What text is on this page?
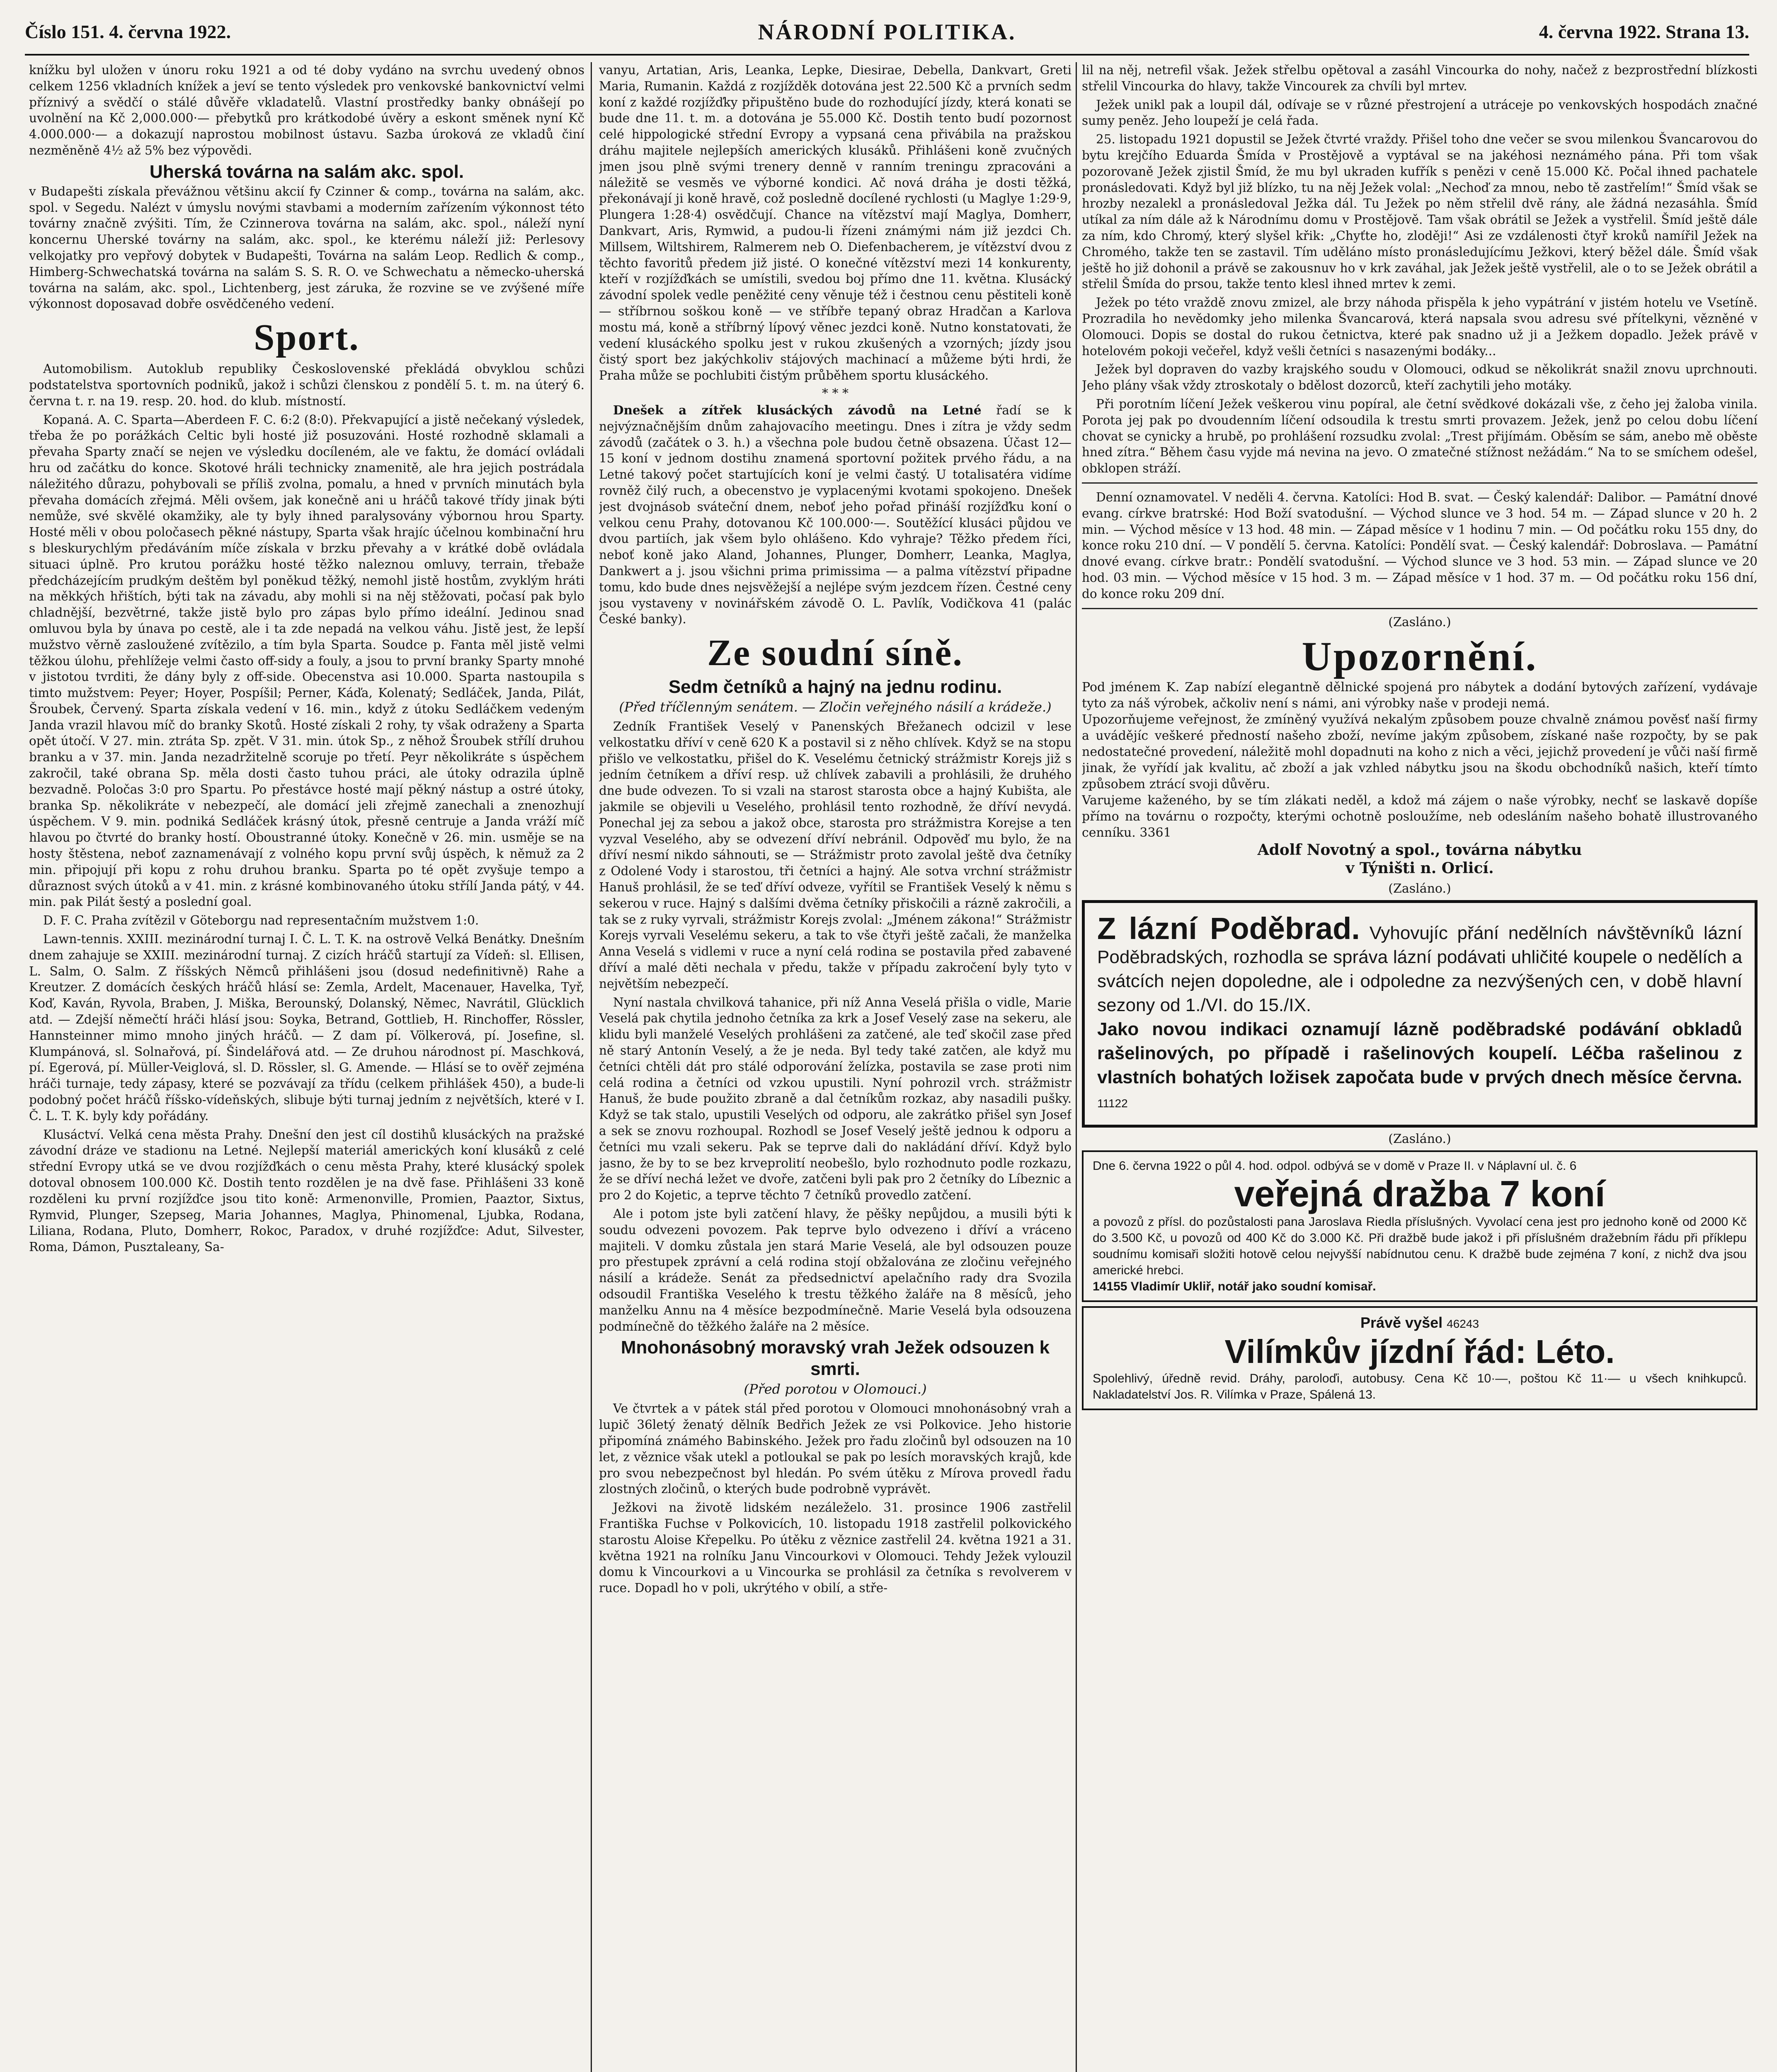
Číslo 151. 4. června 1922.	NÁRODNÍ POLITIKA.	4. června 1922. Strana 13.

knížku byl uložen v únoru roku 1921 a od té doby vydáno na svrchu uvedený obnos celkem 1256 vkladních knížek a jeví se tento výsledek pro venkovské bankovnictví velmi příznivý a svědčí o stálé důvěře vkladatelů. Vlastní prostředky banky obnášejí po uvolnění na Kč 2,000.000·— přebytků pro krátkodobé úvěry a eskont směnek nyní Kč 4.000.000·— a dokazují naprostou mobilnost ústavu. Sazba úroková ze vkladů činí nezměněně 4½ až 5% bez výpovědi.

Uherská továrna na salám akc. spol.

v Budapešti získala převážnou většinu akcií fy Czinner & comp., továrna na salám, akc. spol. v Segedu. Nalézt v úmyslu novými stavbami a moderním zařízením výkonnost této továrny značně zvýšiti. Tím, že Czinnerova továrna na salám, akc. spol., náleží nyní koncernu Uherské továrny na salám, akc. spol., ke kterému náleží již: Perlesovy velkojatky pro vepřový dobytek v Budapešti, Továrna na salám Leop. Redlich & comp., Himberg-Schwechatská továrna na salám S. S. R. O. ve Schwechatu a německo-uherská továrna na salám, akc. spol., Lichtenberg, jest záruka, že rozvine se ve zvýšené míře výkonnost doposavad dobře osvědčeného vedení.

Sport.

Automobilism. Autoklub republiky Československé překládá obvyklou schůzi podstatelstva sportovních podniků, jakož i schůzi členskou z pondělí 5. t. m. na úterý 6. června t. r. na 19. resp. 20. hod. do klub. místností.

Kopaná. A. C. Sparta—Aberdeen F. C. 6:2 (8:0). Překvapující a jistě nečekaný výsledek, třeba že po porážkách Celtic byli hosté již posuzováni. Hosté rozhodně sklamali a převaha Sparty značí se nejen ve výsledku docíleném, ale ve faktu, že domácí ovládali hru od začátku do konce. Skotové hráli technicky znamenitě, ale hra jejich postrádala náležitého důrazu, pohybovali se příliš zvolna, pomalu, a hned v prvních minutách byla převaha domácích zřejmá. Měli ovšem, jak konečně ani u hráčů takové třídy jinak býti nemůže, své skvělé okamžiky, ale ty byly ihned paralysovány výbornou hrou Sparty. Hosté měli v obou poločasech pěkné nástupy, Sparta však hrajíc účelnou kombinační hru s bleskurychlým předáváním míče získala v brzku převahy a v krátké době ovládala situaci úplně. Pro krutou porážku hosté těžko naleznou omluvy, terrain, třebaže předcházejícím prudkým deštěm byl poněkud těžký, nemohl jistě hostům, zvyklým hráti na měkkých hřištích, býti tak na závadu, aby mohli si na něj stěžovati, počasí pak bylo chladnější, bezvětrné, takže jistě bylo pro zápas bylo přímo ideální. Jedinou snad omluvou byla by únava po cestě, ale i ta zde nepadá na velkou váhu. Jistě jest, že lepší mužstvo věrně zasloužené zvítězilo, a tím byla Sparta. Soudce p. Fanta měl jistě velmi těžkou úlohu, přehlížeje velmi často off-sidy a fouly, a jsou to první branky Sparty mnohé v jistotou tvrditi, že dány byly z off-side. Obecenstva asi 10.000. Sparta nastoupila s timto mužstvem: Peyer; Hoyer, Pospíšil; Perner, Káďa, Kolenatý; Sedláček, Janda, Pilát, Šroubek, Červený. Sparta získala vedení v 16. min., když z útoku Sedláčkem vedeným Janda vrazil hlavou míč do branky Skotů. Hosté získali 2 rohy, ty však odraženy a Sparta opět útočí. V 27. min. ztráta Sp. zpět. V 31. min. útok Sp., z něhož Šroubek střílí druhou branku a v 37. min. Janda nezadržitelně scoruje po třetí. Peyr několikráte s úspěchem zakročil, také obrana Sp. měla dosti často tuhou práci, ale útoky odrazila úplně bezvadně. Poločas 3:0 pro Spartu. Po přestávce hosté mají pěkný nástup a ostré útoky, branka Sp. několikráte v nebezpečí, ale domácí jeli zřejmě zanechali a znenozhují úspěchem. V 9. min. podniká Sedláček krásný útok, přesně centruje a Janda vráží míč hlavou po čtvrté do branky hostí. Oboustranné útoky. Konečně v 26. min. usměje se na hosty štěstena, neboť zaznamenávají z volného kopu první svůj úspěch, k němuž za 2 min. připojují při kopu z rohu druhou branku. Sparta po té opět zvyšuje tempo a důraznost svých útoků a v 41. min. z krásné kombinovaného útoku střílí Janda pátý, v 44. min. pak Pilát šestý a poslední goal.

D. F. C. Praha zvítězil v Göteborgu nad representačním mužstvem 1:0.

Lawn-tennis. XXIII. mezinárodní turnaj I. Č. L. T. K. na ostrově Velká Benátky. Dnešním dnem zahajuje se XXIII. mezinárodní turnaj. Z cizích hráčů startují za Vídeň: sl. Ellisen, L. Salm, O. Salm. Z říšských Němců přihlášeni jsou (dosud nedefinitivně) Rahe a Kreutzer. Z domácích českých hráčů hlásí se: Zemla, Ardelt, Macenauer, Havelka, Tyř, Koď, Kaván, Ryvola, Braben, J. Miška, Berounský, Dolanský, Němec, Navrátil, Glücklich atd. — Zdejší němečtí hráči hlásí jsou: Soyka, Betrand, Gottlieb, H. Rinchoffer, Rössler, Hannsteinner mimo mnoho jiných hráčů. — Z dam pí. Völkerová, pí. Josefine, sl. Klumpánová, sl. Solnařová, pí. Šindelářová atd. — Ze druhou národnost pí. Maschková, pí. Egerová, pí. Müller-Veiglová, sl. D. Rössler, sl. G. Amende. — Hlásí se to ověř zejména hráči turnaje, tedy zápasy, které se pozvávají za třídu (celkem přihlášek 450), a bude-li podobný počet hráčů říšsko-vídeňských, slibuje býti turnaj jedním z největších, které v I. Č. L. T. K. byly kdy pořádány.

Klusáctví. Velká cena města Prahy. Dnešní den jest cíl dostihů klusáckých na pražské závodní dráze ve stadionu na Letné. Nejlepší materiál amerických koní klusáků z celé střední Evropy utká se ve dvou rozjížďkách o cenu města Prahy, které klusácký spolek dotoval obnosem 100.000 Kč. Dostih tento rozdělen je na dvě fase. Přihlášeni 33 koně rozděleni ku první rozjížďce jsou tito koně: Armenonville, Promien, Paaztor, Sixtus, Rymvid, Plunger, Szepseg, Maria Johannes, Maglya, Phinomenal, Ljubka, Rodana, Liliana, Rodana, Pluto, Domherr, Rokoc, Paradox, v druhé rozjížďce: Adut, Silvester, Roma, Dámon, Pusztaleany, Sa-

vanyu, Artatian, Aris, Leanka, Lepke, Diesirae, Debella, Dankvart, Greti Maria, Rumanin. Každá z rozjížděk dotována jest 22.500 Kč a prvních sedm koní z každé rozjížďky připuštěno bude do rozhodující jízdy, která konati se bude dne 11. t. m. a dotována je 55.000 Kč. Dostih tento budí pozornost celé hippologické střední Evropy a vypsaná cena přivábila na pražskou dráhu majitele nejlepších amerických klusáků. Přihlášeni koně zvučných jmen jsou plně svými trenery denně v ranním treningu zpracováni a náležitě se vesměs ve výborné kondici. Ač nová dráha je dosti těžká, překonávají ji koně hravě, což posledně docílené rychlosti (u Maglye 1:29·9, Plungera 1:28·4) osvědčují. Chance na vítězství mají Maglya, Domherr, Dankvart, Aris, Rymwid, a pudou-li řízeni známými nám již jezdci Ch. Millsem, Wiltshirem, Ralmerem neb O. Diefenbacherem, je vítězství dvou z těchto favoritů předem již jisté. O konečné vítězství mezi 14 konkurenty, kteří v rozjížďkách se umístili, svedou boj přímo dne 11. května. Klusácký závodní spolek vedle peněžité ceny věnuje též i čestnou cenu pěstiteli koně — stříbrnou soškou koně — ve stříbře tepaný obraz Hradčan a Karlova mostu má, koně a stříbrný lípový věnec jezdci koně. Nutno konstatovati, že vedení klusáckého spolku jest v rukou zkušených a vzorných; jízdy jsou čistý sport bez jakýchkoliv stájových machinací a můžeme býti hrdi, že Praha může se pochlubiti čistým průběhem sportu klusáckého.

* * *

Dnešek a zítřek klusáckých závodů na Letné řadí se k nejvýznačnějším dnům zahajovacího meetingu. Dnes i zítra je vždy sedm závodů (začátek o 3. h.) a všechna pole budou četně obsazena. Účast 12—15 koní v jednom dostihu znamená sportovní požitek prvého řádu, a na Letné takový počet startujících koní je velmi častý. U totalisatéra vidíme rovněž čilý ruch, a obecenstvo je vyplacenými kvotami spokojeno. Dnešek jest dvojnásob sváteční dnem, neboť jeho pořad přináší rozjížďku koní o velkou cenu Prahy, dotovanou Kč 100.000·—. Soutěžící klusáci půjdou ve dvou partiích, jak všem bylo ohlášeno. Kdo vyhraje? Těžko předem říci, neboť koně jako Aland, Johannes, Plunger, Domherr, Leanka, Maglya, Dankwert a j. jsou všichni prima primissima — a palma vítězství připadne tomu, kdo bude dnes nejsvěžejší a nejlépe svým jezdcem řízen. Čestné ceny jsou vystaveny v novinářském závodě O. L. Pavlík, Vodičkova 41 (palác České banky).

Ze soudní síně.
Sedm četníků a hajný na jednu rodinu.
(Před tříčlenným senátem. — Zločin veřejného násilí a krádeže.)

Zedník František Veselý v Panenských Břežanech odcizil v lese velkostatku dříví v ceně 620 K a postavil si z něho chlívek. Když se na stopu přišlo ve velkostatku, přišel do K. Veselému četnický strážmistr Korejs již s jedním četníkem a dříví resp. už chlívek zabavili a prohlásili, že druhého dne bude odvezen. To si vzali na starost starosta obce a hajný Kubišta, ale jakmile se objevili u Veselého, prohlásil tento rozhodně, že dříví nevydá. Ponechal jej za sebou a jakož obce, starosta pro strážmistra Korejse a ten vyzval Veselého, aby se odvezení dříví nebránil. Odpověď mu bylo, že na dříví nesmí nikdo sáhnouti, se — Strážmistr proto zavolal ještě dva četníky z Odolené Vody i starostou, tři četníci a hajný. Ale sotva vrchní strážmistr Hanuš prohlásil, že se teď dříví odveze, vyřítil se František Veselý k němu s sekerou v ruce. Hajný s dalšími dvěma četníky přiskočili a rázně zakročili, a tak se z ruky vyrvali, strážmistr Korejs zvolal: „Jménem zákona!“ Strážmistr Korejs vyrvali Veselému sekeru, a tak to vše čtyři ještě začali, že manželka Anna Veselá s vidlemi v ruce a nyní celá rodina se postavila před zabavené dříví a malé děti nechala v předu, takže v případu zakročení byly tyto v největším nebezpečí.

Nyní nastala chvilková tahanice, při níž Anna Veselá přišla o vidle, Marie Veselá pak chytila jednoho četníka za krk a Josef Veselý zase na sekeru, ale klidu byli manželé Veselých prohlášeni za zatčené, ale teď skočil zase před ně starý Antonín Veselý, a že je neda. Byl tedy také zatčen, ale když mu četníci chtěli dát pro stálé odporování želízka, postavila se zase proti nim celá rodina a četníci od vzkou upustili. Nyní pohrozil vrch. strážmistr Hanuš, že bude použito zbraně a dal četníkům rozkaz, aby nasadili pušky. Když se tak stalo, upustili Veselých od odporu, ale zakrátko přišel syn Josef a sek se znovu rozhoupal. Rozhodl se Josef Veselý ještě jednou k odporu a četníci mu vzali sekeru. Pak se teprve dali do nakládání dříví. Když bylo jasno, že by to se bez krveprolití neobešlo, bylo rozhodnuto podle rozkazu, že se dříví nechá ležet ve dvoře, zatčeni byli pak pro 2 četníky do Líbeznic a pro 2 do Kojetic, a teprve těchto 7 četníků provedlo zatčení.

Ale i potom jste byli zatčení hlavy, že pěšky nepůjdou, a musili býti k soudu odvezeni povozem. Pak teprve bylo odvezeno i dříví a vráceno majiteli. V domku zůstala jen stará Marie Veselá, ale byl odsouzen pouze pro přestupek zprávní a celá rodina stojí obžalována ze zločinu veřejného násilí a krádeže. Senát za předsednictví apelačního rady dra Svozila odsoudil Františka Veselého k trestu těžkého žaláře na 8 měsíců, jeho manželku Annu na 4 měsíce bezpodmínečně. Marie Veselá byla odsouzena podmínečně do těžkého žaláře na 2 měsíce.

Mnohonásobný moravský vrah Ježek odsouzen k smrti.
(Před porotou v Olomouci.)

Ve čtvrtek a v pátek stál před porotou v Olomouci mnohonásobný vrah a lupič 36letý ženatý dělník Bedřich Ježek ze vsi Polkovice. Jeho historie připomíná známého Babinského. Ježek pro řadu zločinů byl odsouzen na 10 let, z věznice však utekl a potloukal se pak po lesích moravských krajů, kde pro svou nebezpečnost byl hledán. Po svém útěku z Mírova provedl řadu zlostných zločinů, o kterých bude podrobně vyprávět.

Ježkovi na životě lidském nezáleželo. 31. prosince 1906 zastřelil Františka Fuchse v Polkovicích, 10. listopadu 1918 zastřelil polkovického starostu Aloise Křepelku. Po útěku z věznice zastřelil 24. května 1921 a 31. května 1921 na rolníku Janu Vincourkovi v Olomouci. Tehdy Ježek vylouzil domu k Vincourkovi a u Vincourka se prohlásil za četníka s revolverem v ruce. Dopadl ho v poli, ukrýtého v obilí, a stře-

lil na něj, netrefil však. Ježek střelbu opětoval a zasáhl Vincourka do nohy, načež z bezprostřední blízkosti střelil Vincourka do hlavy, takže Vincourek za chvíli byl mrtev.

Ježek unikl pak a loupil dál, odívaje se v různé přestrojení a utráceje po venkovských hospodách značné sumy peněz. Jeho loupeží je celá řada.

25. listopadu 1921 dopustil se Ježek čtvrté vraždy. Přišel toho dne večer se svou milenkou Švancarovou do bytu krejčího Eduarda Šmída v Prostějově a vyptával se na jakéhosi neznámého pána. Při tom však pozorovaně Ježek zjistil Šmíd, že mu byl ukraden kufřík s penězi v ceně 15.000 Kč. Počal ihned pachatele pronásledovati. Když byl již blízko, tu na něj Ježek volal: „Nechoď za mnou, nebo tě zastřelím!“ Šmíd však se hrozby nezalekl a pronásledoval Ježka dál. Tu Ježek po něm střelil dvě rány, ale žádná nezasáhla. Šmíd utíkal za ním dále až k Národnímu domu v Prostějově. Tam však obrátil se Ježek a vystřelil. Šmíd ještě dále za ním, kdo Chromý, který slyšel křik: „Chyťte ho, zloději!“ Asi ze vzdálenosti čtyř kroků namířil Ježek na Chromého, takže ten se zastavil. Tím uděláno místo pronásledujícímu Ježkovi, který běžel dále. Šmíd však ještě ho již dohonil a právě se zakousnuv ho v krk zaváhal, jak Ježek ještě vystřelil, ale o to se Ježek obrátil a střelil Šmída do prsou, takže tento klesl ihned mrtev k zemi.

Ježek po této vraždě znovu zmizel, ale brzy náhoda přispěla k jeho vypátrání v jistém hotelu ve Vsetíně. Prozradila ho nevědomky jeho milenka Švancarová, která napsala svou adresu své přítelkyni, vězněné v Olomouci. Dopis se dostal do rukou četnictva, které pak snadno už ji a Ježkem dopadlo. Ježek právě v hotelovém pokoji večeřel, když vešli četníci s nasazenými bodáky...

Ježek byl dopraven do vazby krajského soudu v Olomouci, odkud se několikrát snažil znovu uprchnouti. Jeho plány však vždy ztroskotaly o bdělost dozorců, kteří zachytili jeho motáky.

Při porotním líčení Ježek veškerou vinu popíral, ale četní svědkové dokázali vše, z čeho jej žaloba vinila. Porota jej pak po dvoudenním líčení odsoudila k trestu smrti provazem. Ježek, jenž po celou dobu líčení chovat se cynicky a hrubě, po prohlášení rozsudku zvolal: „Trest přijímám. Oběsím se sám, anebo mě oběste hned zítra.“ Během času vyjde má nevina na jevo. O zmatečné stížnost nežádám.“ Na to se smíchem odešel, obklopen stráží.

Denní oznamovatel. V neděli 4. června. Katolíci: Hod B. svat. — Český kalendář: Dalibor. — Památní dnové evang. církve bratrské: Hod Boží svatodušní. — Východ slunce ve 3 hod. 54 m. — Západ slunce v 20 h. 2 min. — Východ měsíce v 13 hod. 48 min. — Západ měsíce v 1 hodinu 7 min. — Od počátku roku 155 dny, do konce roku 210 dní. — V pondělí 5. června. Katolíci: Pondělí svat. — Český kalendář: Dobroslava. — Památní dnové evang. církve bratr.: Pondělí svatodušní. — Východ slunce ve 3 hod. 53 min. — Západ slunce ve 20 hod. 03 min. — Východ měsíce v 15 hod. 3 m. — Západ měsíce v 1 hod. 37 m. — Od počátku roku 156 dní, do konce roku 209 dní.

(Zasláno.)
Upozornění.
Pod jménem K. Zap nabízí elegantně dělnické spojená pro nábytek a dodání bytových zařízení, vydávaje tyto za náš výrobek, ačkoliv není s námi, ani výrobky naše v prodeji nemá.
Upozorňujeme veřejnost, že zmíněný využívá nekalým způsobem pouze chvalně známou pověsť naší firmy a uvádějíc veškeré předností našeho zboží, nevíme jakým způsobem, získané naše rozpočty, by se pak nedostatečné provedení, náležitě mohl dopadnuti na koho z nich a věci, jejichž provedení je vůči naší firmě jinak, že vyřídí jak kvalitu, ač zboží a jak vzhled nábytku jsou na škodu obchodníků našich, kteří tímto způsobem ztrácí svoji důvěru.
Varujeme kaženého, by se tím zlákati neděl, a kdož má zájem o naše výrobky, nechť se laskavě dopíše přímo na továrnu o rozpočty, kterými ochotně posloužíme, neb odesláním našeho bohatě illustrovaného cenníku. 3361
Adolf Novotný a spol., továrna nábytku
v Týništi n. Orlicí.
(Zasláno.)
Z lázní Poděbrad. Vyhovujíc přání nedělních návštěvníků lázní Poděbradských, rozhodla se správa lázní podávati uhličité koupele o nedělích a svátcích nejen dopoledne, ale i odpoledne za nezvýšených cen, v době hlavní sezony od 1./VI. do 15./IX.
Jako novou indikaci oznamují lázně poděbradské podávání obkladů rašelinových, po případě i rašelinových koupelí. Léčba rašelinou z vlastních bohatých ložisek započata bude v prvých dnech měsíce června. 11122
(Zasláno.)
Dne 6. června 1922 o půl 4. hod. odpol. odbývá se v domě v Praze II. v Náplavní ul. č. 6
veřejná dražba 7 koní
a povozů z přísl. do pozůstalosti pana Jaroslava Riedla příslušných. Vyvolací cena jest pro jednoho koně od 2000 Kč do 3.500 Kč, u povozů od 400 Kč do 3.000 Kč. Při dražbě bude jakož i při příslušném dražebním řádu při příklepu soudnímu komisaři složiti hotově celou nejvyšší nabídnutou cenu. K dražbě bude zejména 7 koní, z nichž dva jsou americké hrebci.
14155 Vladimír Ukliř, notář jako soudní komisař.
Právě vyšel 46243
Vilímkův jízdní řád: Léto.
Spolehlivý, úředně revid. Dráhy, paroloďi, autobusy. Cena Kč 10·—, poštou Kč 11·— u všech knihkupců. Nakladatelství Jos. R. Vilímka v Praze, Spálená 13.
